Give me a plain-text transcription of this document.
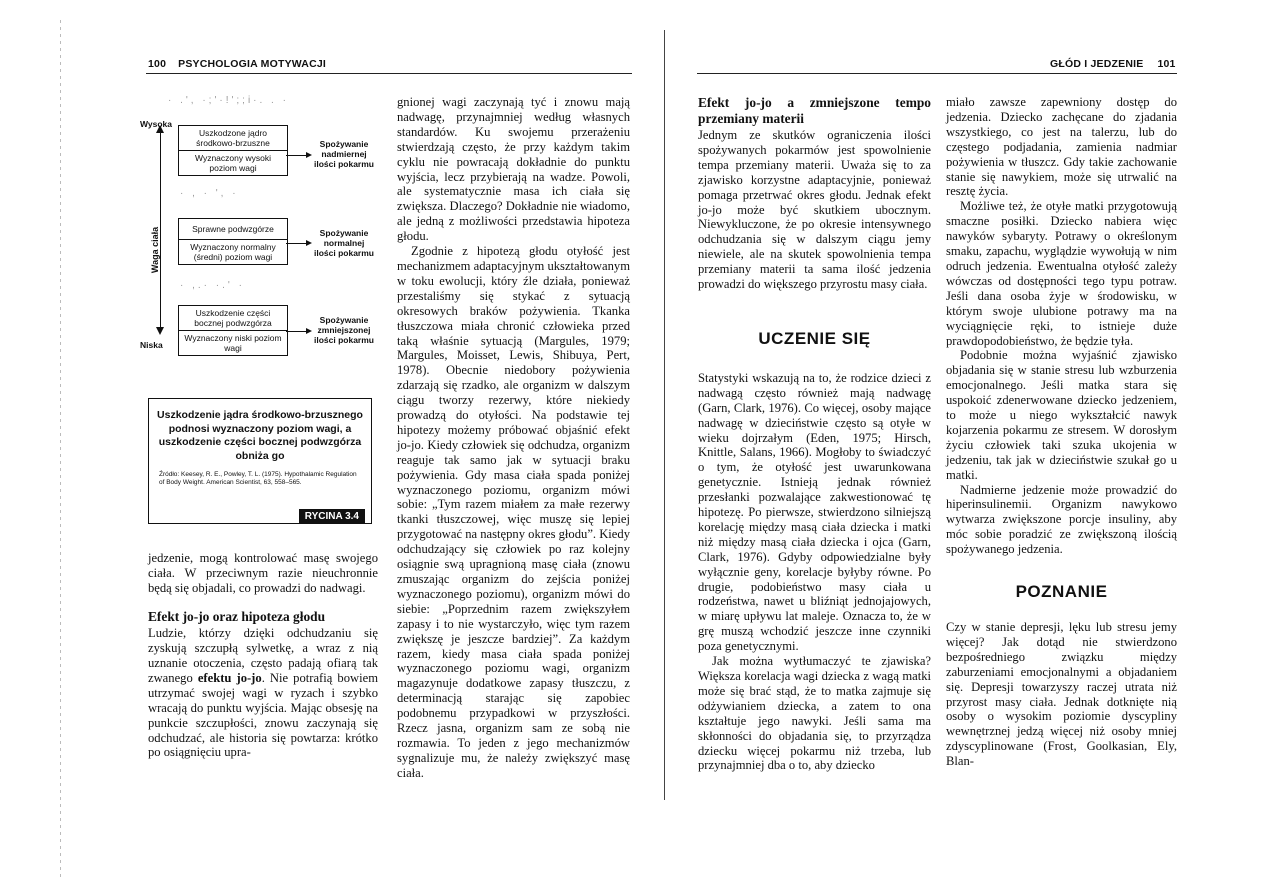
100 PSYCHOLOGIA MOTYWACJI	GŁÓD I JEDZENIE 101
· .', ·;'·!';;i·. . ·
Wysoka
Waga ciała
Niska
Uszkodzone jądro środkowo-brzuszne
Wyznaczony wysoki poziom wagi
Spożywanie nadmiernej ilości pokarmu
· , · ', ·
Sprawne podwzgórze
Wyznaczony normalny (średni) poziom wagi
Spożywanie normalnej ilości pokarmu
· ,.· ·.' ·
Uszkodzenie części bocznej podwzgórza
Wyznaczony niski poziom wagi
Spożywanie zmniejszonej ilości pokarmu
Uszkodzenie jądra środkowo-brzusznego podnosi wyznaczony poziom wagi, a uszkodzenie części bocznej podwzgórza obniża go
Źródło: Keesey, R. E., Powley, T. L. (1975). Hypothalamic Regulation of Body Weight. American Scientist, 63, 558–565.
RYCINA 3.4

jedzenie, mogą kontrolować masę swojego ciała. W przeciwnym razie nieuchronnie będą się objadali, co prowadzi do nadwagi.

Efekt jo-jo oraz hipoteza głodu

Ludzie, którzy dzięki odchudzaniu się zyskują szczupłą sylwetkę, a wraz z nią uznanie otoczenia, często padają ofiarą tak zwanego efektu jo-jo. Nie potrafią bowiem utrzymać swojej wagi w ryzach i szybko wracają do punktu wyjścia. Mając obsesję na punkcie szczupłości, znowu zaczynają się odchudzać, ale historia się powtarza: krótko po osiągnięciu upra-

gnionej wagi zaczynają tyć i znowu mają nadwagę, przynajmniej według własnych standardów. Ku swojemu przerażeniu stwierdzają często, że przy każdym takim cyklu nie powracają dokładnie do punktu wyjścia, lecz przybierają na wadze. Powoli, ale systematycznie masa ich ciała się zwiększa. Dlaczego? Dokładnie nie wiadomo, ale jedną z możliwości przedstawia hipoteza głodu.

Zgodnie z hipotezą głodu otyłość jest mechanizmem adaptacyjnym ukształtowanym w toku ewolucji, który źle działa, ponieważ przestaliśmy się stykać z sytuacją okresowych braków pożywienia. Tkanka tłuszczowa miała chronić człowieka przed taką właśnie sytuacją (Margules, 1979; Margules, Moisset, Lewis, Shibuya, Pert, 1978). Obecnie niedobory pożywienia zdarzają się rzadko, ale organizm w dalszym ciągu tworzy rezerwy, które niekiedy prowadzą do otyłości. Na podstawie tej hipotezy możemy próbować objaśnić efekt jo-jo. Kiedy człowiek się odchudza, organizm reaguje tak samo jak w sytuacji braku pożywienia. Gdy masa ciała spada poniżej wyznaczonego poziomu, organizm mówi sobie: „Tym razem miałem za małe rezerwy tkanki tłuszczowej, więc muszę się lepiej przygotować na następny okres głodu”. Kiedy odchudzający się człowiek po raz kolejny osiągnie swą upragnioną masę ciała (znowu zmuszając organizm do zejścia poniżej wyznaczonego poziomu), organizm mówi do siebie: „Poprzednim razem zwiększyłem zapasy i to nie wystarczyło, więc tym razem zwiększę je jeszcze bardziej”. Za każdym razem, kiedy masa ciała spada poniżej wyznaczonego poziomu wagi, organizm magazynuje dodatkowe zapasy tłuszczu, z determinacją starając się zapobiec podobnemu przypadkowi w przyszłości. Rzecz jasna, organizm sam ze sobą nie rozmawia. To jeden z jego mechanizmów sygnalizuje mu, że należy zwiększyć masę ciała.

Efekt jo-jo a zmniejszone tempo przemiany materii

Jednym ze skutków ograniczenia ilości spożywanych pokarmów jest spowolnienie tempa przemiany materii. Uważa się to za zjawisko korzystne adaptacyjnie, ponieważ pomaga przetrwać okres głodu. Jednak efekt jo-jo może być skutkiem ubocznym. Niewykluczone, że po okresie intensywnego odchudzania się w dalszym ciągu jemy niewiele, ale na skutek spowolnienia tempa przemiany materii ta sama ilość jedzenia prowadzi do większego przyrostu masy ciała.

UCZENIE SIĘ

Statystyki wskazują na to, że rodzice dzieci z nadwagą często również mają nadwagę (Garn, Clark, 1976). Co więcej, osoby mające nadwagę w dzieciństwie często są otyłe w wieku dojrzałym (Eden, 1975; Hirsch, Knittle, Salans, 1966). Mogłoby to świadczyć o tym, że otyłość jest uwarunkowana genetycznie. Istnieją jednak również przesłanki pozwalające zakwestionować tę hipotezę. Po pierwsze, stwierdzono silniejszą korelację między masą ciała dziecka i matki niż między masą ciała dziecka i ojca (Garn, Clark, 1976). Gdyby odpowiedzialne były wyłącznie geny, korelacje byłyby równe. Po drugie, podobieństwo masy ciała u rodzeństwa, nawet u bliźniąt jednojajowych, w miarę upływu lat maleje. Oznacza to, że w grę muszą wchodzić jeszcze inne czynniki poza genetycznymi.

Jak można wytłumaczyć te zjawiska? Większa korelacja wagi dziecka z wagą matki może się brać stąd, że to matka zajmuje się odżywianiem dziecka, a zatem to ona kształtuje jego nawyki. Jeśli sama ma skłonności do objadania się, to przyrządza dziecku więcej pokarmu niż trzeba, lub przynajmniej dba o to, aby dziecko

miało zawsze zapewniony dostęp do jedzenia. Dziecko zachęcane do zjadania wszystkiego, co jest na talerzu, lub do częstego podjadania, zamienia nadmiar pożywienia w tłuszcz. Gdy takie zachowanie stanie się nawykiem, może się utrwalić na resztę życia.

Możliwe też, że otyłe matki przygotowują smaczne posiłki. Dziecko nabiera więc nawyków sybaryty. Potrawy o określonym smaku, zapachu, wyglądzie wywołują w nim odruch jedzenia. Ewentualna otyłość zależy wówczas od dostępności tego typu potraw. Jeśli dana osoba żyje w środowisku, w którym swoje ulubione potrawy ma na wyciągnięcie ręki, to istnieje duże prawdopodobieństwo, że będzie tyła.

Podobnie można wyjaśnić zjawisko objadania się w stanie stresu lub wzburzenia emocjonalnego. Jeśli matka stara się uspokoić zdenerwowane dziecko jedzeniem, to może u niego wykształcić nawyk kojarzenia pokarmu ze stresem. W dorosłym życiu człowiek taki szuka ukojenia w jedzeniu, tak jak w dzieciństwie szukał go u matki.

Nadmierne jedzenie może prowadzić do hiperinsulinemii. Organizm nawykowo wytwarza zwiększone porcje insuliny, aby móc sobie poradzić ze zwiększoną ilością spożywanego jedzenia.

POZNANIE

Czy w stanie depresji, lęku lub stresu jemy więcej? Jak dotąd nie stwierdzono bezpośredniego związku między zaburzeniami emocjonalnymi a objadaniem się. Depresji towarzyszy raczej utrata niż przyrost masy ciała. Jednak dotknięte nią osoby o wysokim poziomie dyscypliny wewnętrznej jedzą więcej niż osoby mniej zdyscyplinowane (Frost, Goolkasian, Ely, Blan-
